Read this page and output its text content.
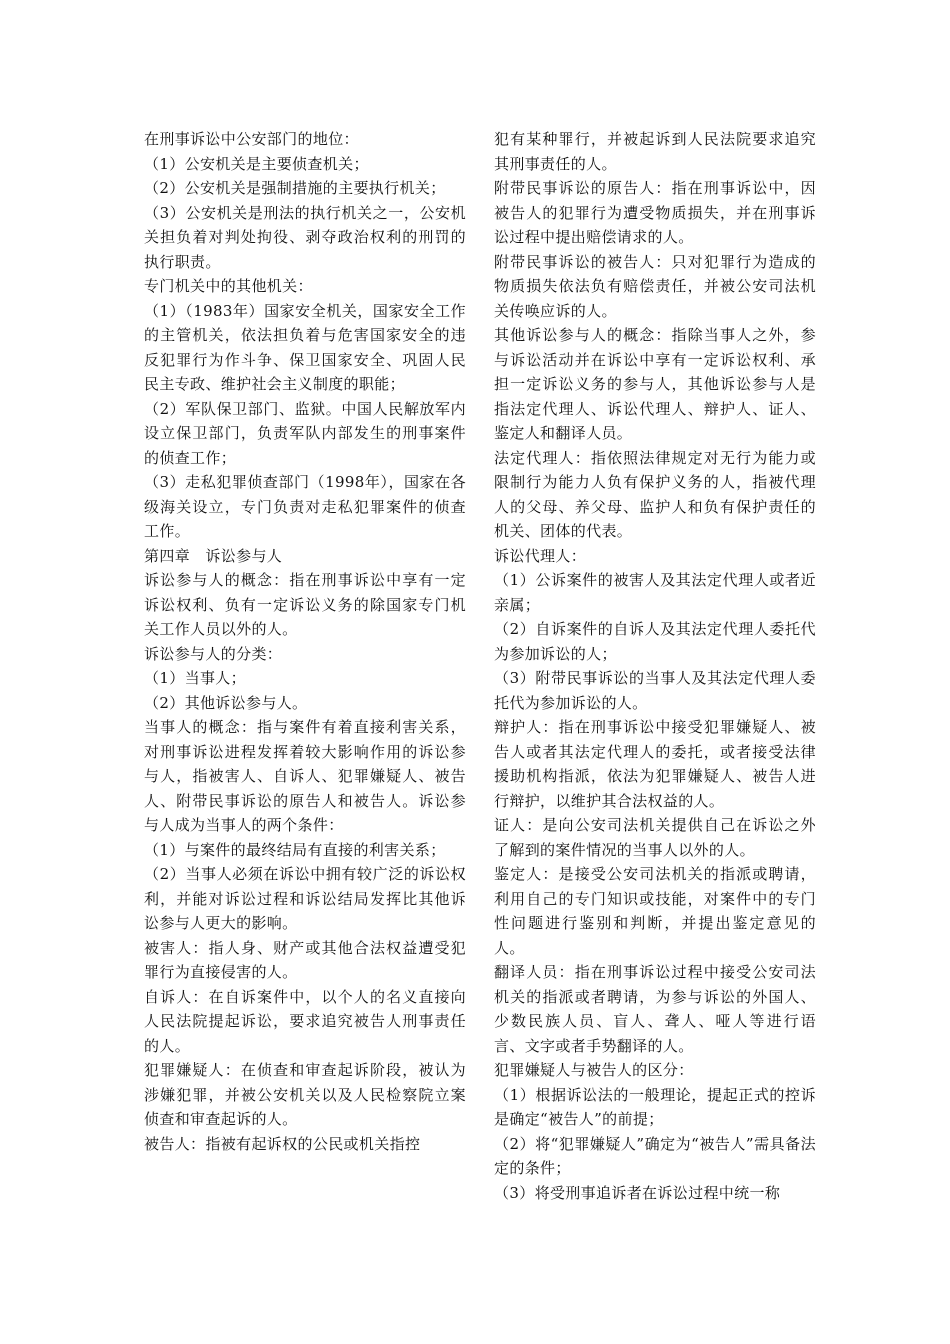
在刑事诉讼中公安部门的地位：

（1）公安机关是主要侦查机关；

（2）公安机关是强制措施的主要执行机关；

（3）公安机关是刑法的执行机关之一，公安机关担负着对判处拘役、剥夺政治权利的刑罚的执行职责。

专门机关中的其他机关：

（1）（1983年）国家安全机关，国家安全工作的主管机关，依法担负着与危害国家安全的违反犯罪行为作斗争、保卫国家安全、巩固人民民主专政、维护社会主义制度的职能；

（2）军队保卫部门、监狱。中国人民解放军内设立保卫部门，负责军队内部发生的刑事案件的侦查工作；

（3）走私犯罪侦查部门（1998年），国家在各级海关设立，专门负责对走私犯罪案件的侦查工作。

第四章　诉讼参与人

诉讼参与人的概念：指在刑事诉讼中享有一定诉讼权利、负有一定诉讼义务的除国家专门机关工作人员以外的人。

诉讼参与人的分类：

（1）当事人；

（2）其他诉讼参与人。

当事人的概念：指与案件有着直接利害关系，对刑事诉讼进程发挥着较大影响作用的诉讼参与人，指被害人、自诉人、犯罪嫌疑人、被告人、附带民事诉讼的原告人和被告人。诉讼参与人成为当事人的两个条件：

（1）与案件的最终结局有直接的利害关系；

（2）当事人必须在诉讼中拥有较广泛的诉讼权利，并能对诉讼过程和诉讼结局发挥比其他诉讼参与人更大的影响。

被害人：指人身、财产或其他合法权益遭受犯罪行为直接侵害的人。

自诉人：在自诉案件中，以个人的名义直接向人民法院提起诉讼，要求追究被告人刑事责任的人。

犯罪嫌疑人：在侦查和审查起诉阶段，被认为涉嫌犯罪，并被公安机关以及人民检察院立案侦查和审查起诉的人。

被告人：指被有起诉权的公民或机关指控

犯有某种罪行，并被起诉到人民法院要求追究其刑事责任的人。

附带民事诉讼的原告人：指在刑事诉讼中，因被告人的犯罪行为遭受物质损失，并在刑事诉讼过程中提出赔偿请求的人。

附带民事诉讼的被告人：只对犯罪行为造成的物质损失依法负有赔偿责任，并被公安司法机关传唤应诉的人。

其他诉讼参与人的概念：指除当事人之外，参与诉讼活动并在诉讼中享有一定诉讼权利、承担一定诉讼义务的参与人，其他诉讼参与人是指法定代理人、诉讼代理人、辩护人、证人、鉴定人和翻译人员。

法定代理人：指依照法律规定对无行为能力或限制行为能力人负有保护义务的人，指被代理人的父母、养父母、监护人和负有保护责任的机关、团体的代表。

诉讼代理人：

（1）公诉案件的被害人及其法定代理人或者近亲属；

（2）自诉案件的自诉人及其法定代理人委托代为参加诉讼的人；

（3）附带民事诉讼的当事人及其法定代理人委托代为参加诉讼的人。

辩护人：指在刑事诉讼中接受犯罪嫌疑人、被告人或者其法定代理人的委托，或者接受法律援助机构指派，依法为犯罪嫌疑人、被告人进行辩护，以维护其合法权益的人。

证人：是向公安司法机关提供自己在诉讼之外了解到的案件情况的当事人以外的人。

鉴定人：是接受公安司法机关的指派或聘请，利用自己的专门知识或技能，对案件中的专门性问题进行鉴别和判断，并提出鉴定意见的人。

翻译人员：指在刑事诉讼过程中接受公安司法机关的指派或者聘请，为参与诉讼的外国人、少数民族人员、盲人、聋人、哑人等进行语言、文字或者手势翻译的人。

犯罪嫌疑人与被告人的区分：

（1）根据诉讼法的一般理论，提起正式的控诉是确定“被告人”的前提；

（2）将“犯罪嫌疑人”确定为“被告人”需具备法定的条件；

（3）将受刑事追诉者在诉讼过程中统一称
